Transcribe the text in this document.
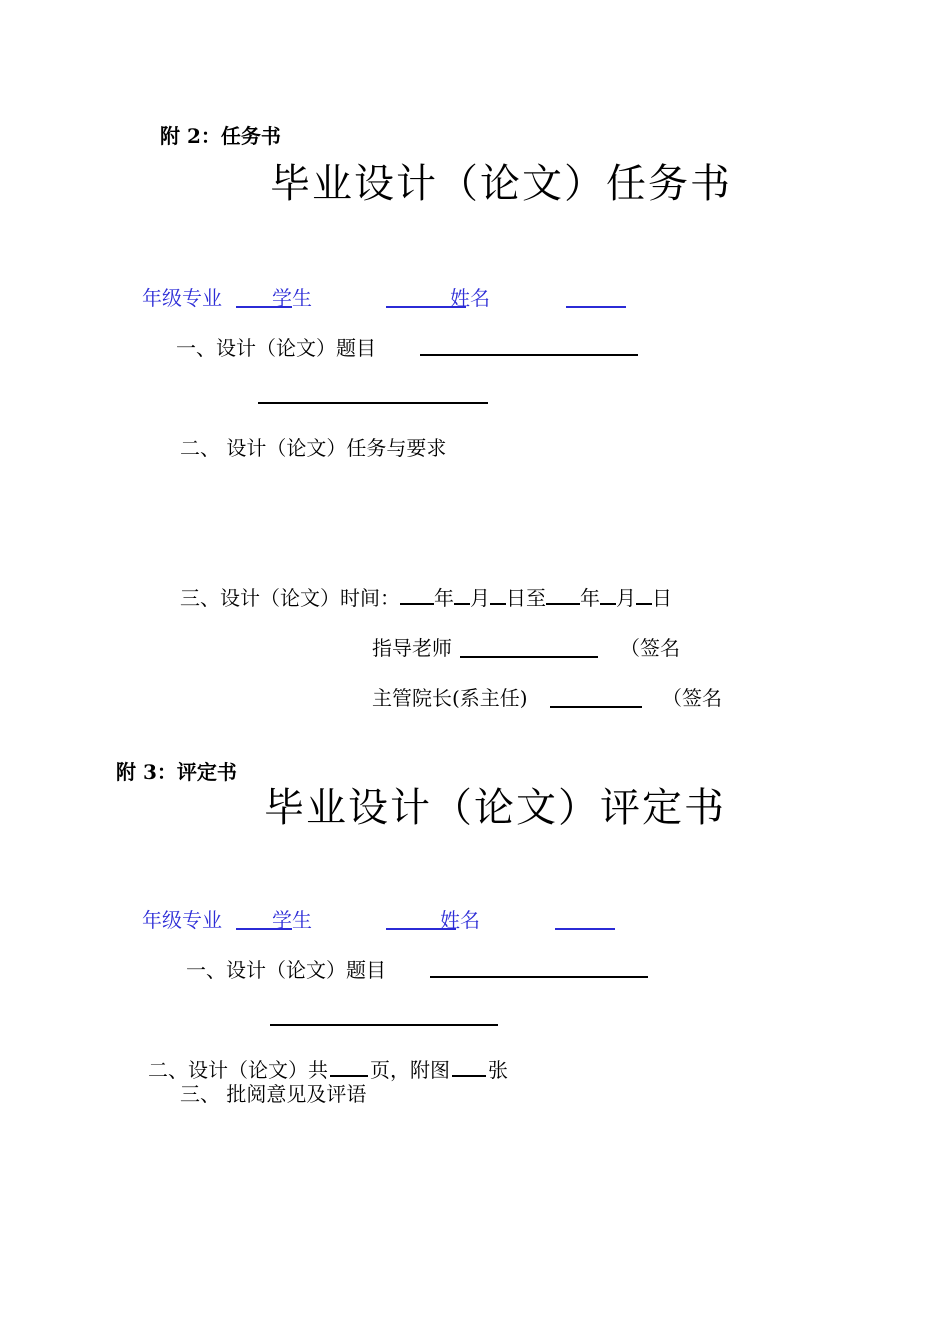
附 2：任务书
毕业设计（论文）任务书
年级专业	学生	姓名
一、设计（论文）题目
二、 设计（论文）任务与要求
三、设计（论文）时间： 年 月 日至 年 月 日
指导老师	（签名
主管院长(系主任)	（签名
附 3：评定书
毕业设计（论文）评定书
年级专业	学生	姓名
一、设计（论文）题目
二、设计（论文）共 页，附图 张
三、 批阅意见及评语
